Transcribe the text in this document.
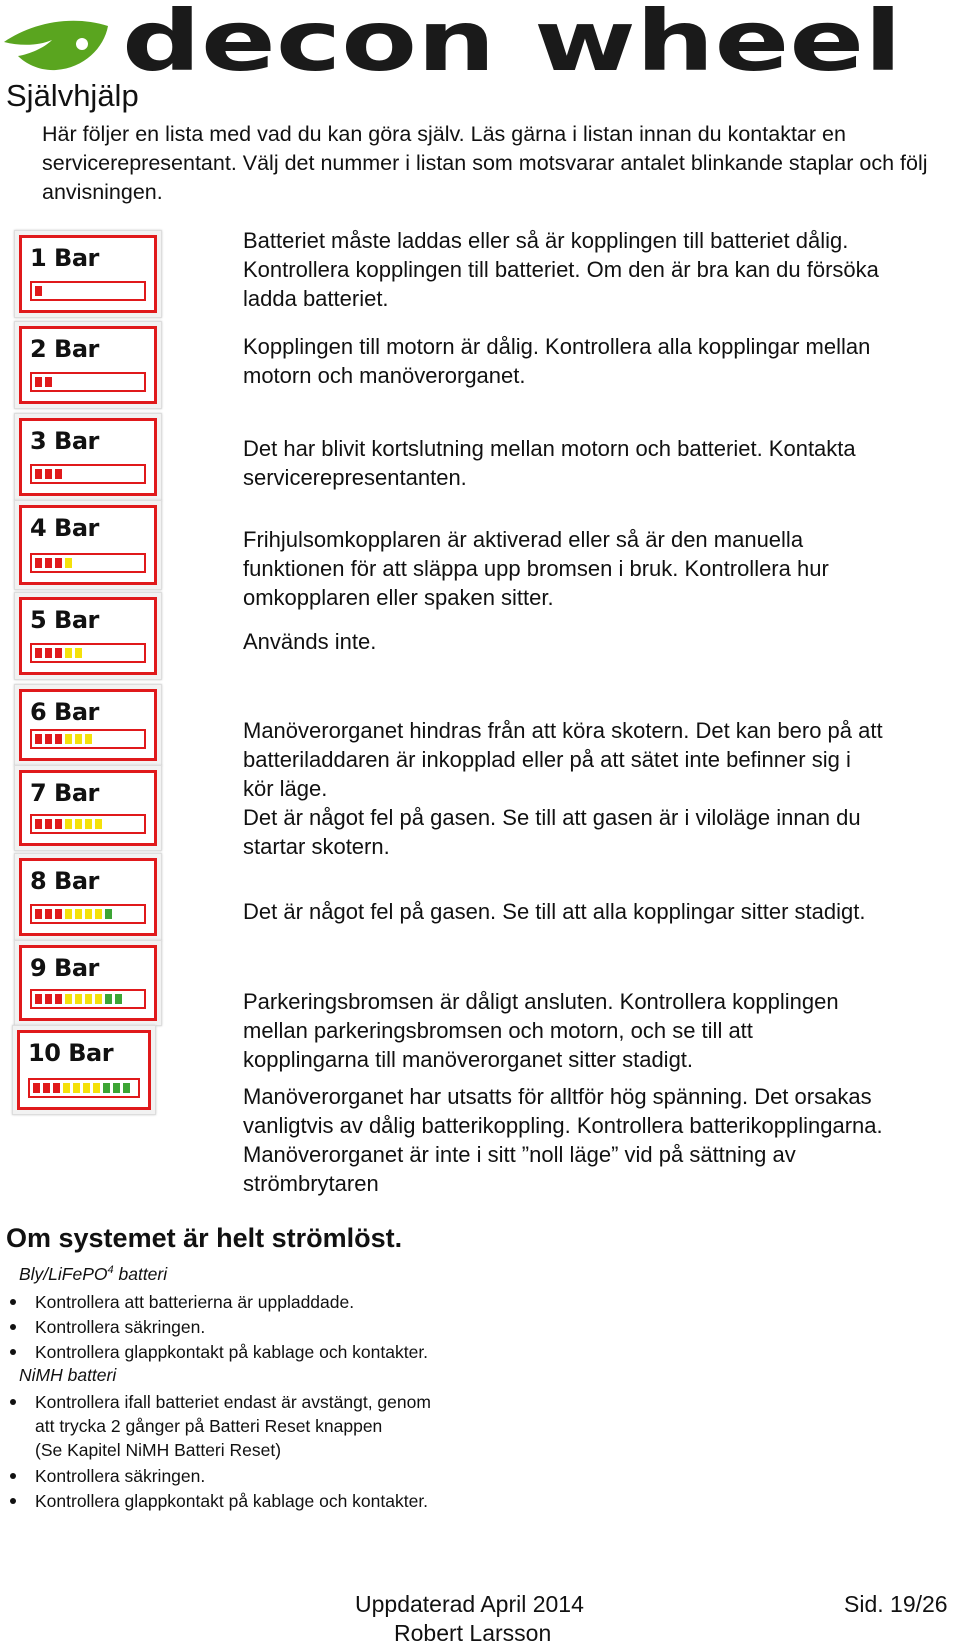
decon wheel
Självhjälp
Här följer en lista med vad du kan göra själv. Läs gärna i listan innan du kontaktar en servicerepresentant. Välj det nummer i listan som motsvarar antalet blinkande staplar och följ anvisningen.
1 Bar
2 Bar
3 Bar
4 Bar
5 Bar
6 Bar
7 Bar
8 Bar
9 Bar
10 Bar
Batteriet måste laddas eller så är kopplingen till batteriet dålig. Kontrollera kopplingen till batteriet. Om den är bra kan du försöka ladda batteriet.
Kopplingen till motorn är dålig. Kontrollera alla kopplingar mellan motorn och manöverorganet.
Det har blivit kortslutning mellan motorn och batteriet. Kontakta servicerepresentanten.
Frihjulsomkopplaren är aktiverad eller så är den manuella funktionen för att släppa upp bromsen i bruk. Kontrollera hur omkopplaren eller spaken sitter.
Används inte.
Manöverorganet hindras från att köra skotern. Det kan bero på att batteriladdaren är inkopplad eller på att sätet inte befinner sig i kör läge.
Det är något fel på gasen. Se till att gasen är i viloläge innan du startar skotern.
Det är något fel på gasen. Se till att alla kopplingar sitter stadigt.
Parkeringsbromsen är dåligt ansluten. Kontrollera kopplingen mellan parkeringsbromsen och motorn, och se till att kopplingarna till manöverorganet sitter stadigt.
Manöverorganet har utsatts för alltför hög spänning. Det orsakas vanligtvis av dålig batterikoppling. Kontrollera batterikopplingarna. Manöverorganet är inte i sitt ”noll läge” vid på sättning av strömbrytaren
Om systemet är helt strömlöst.
Bly/LiFePO$^4$ batteri
Kontrollera att batterierna är uppladdade.
Kontrollera säkringen.
Kontrollera glappkontakt på kablage och kontakter.
NiMH batteri
Kontrollera ifall batteriet endast är avstängt, genom
att trycka 2 gånger på Batteri Reset knappen
(Se Kapitel NiMH Batteri Reset)
Kontrollera säkringen.
Kontrollera glappkontakt på kablage och kontakter.
Uppdaterad April 2014
Robert Larsson
Sid. 19/26
